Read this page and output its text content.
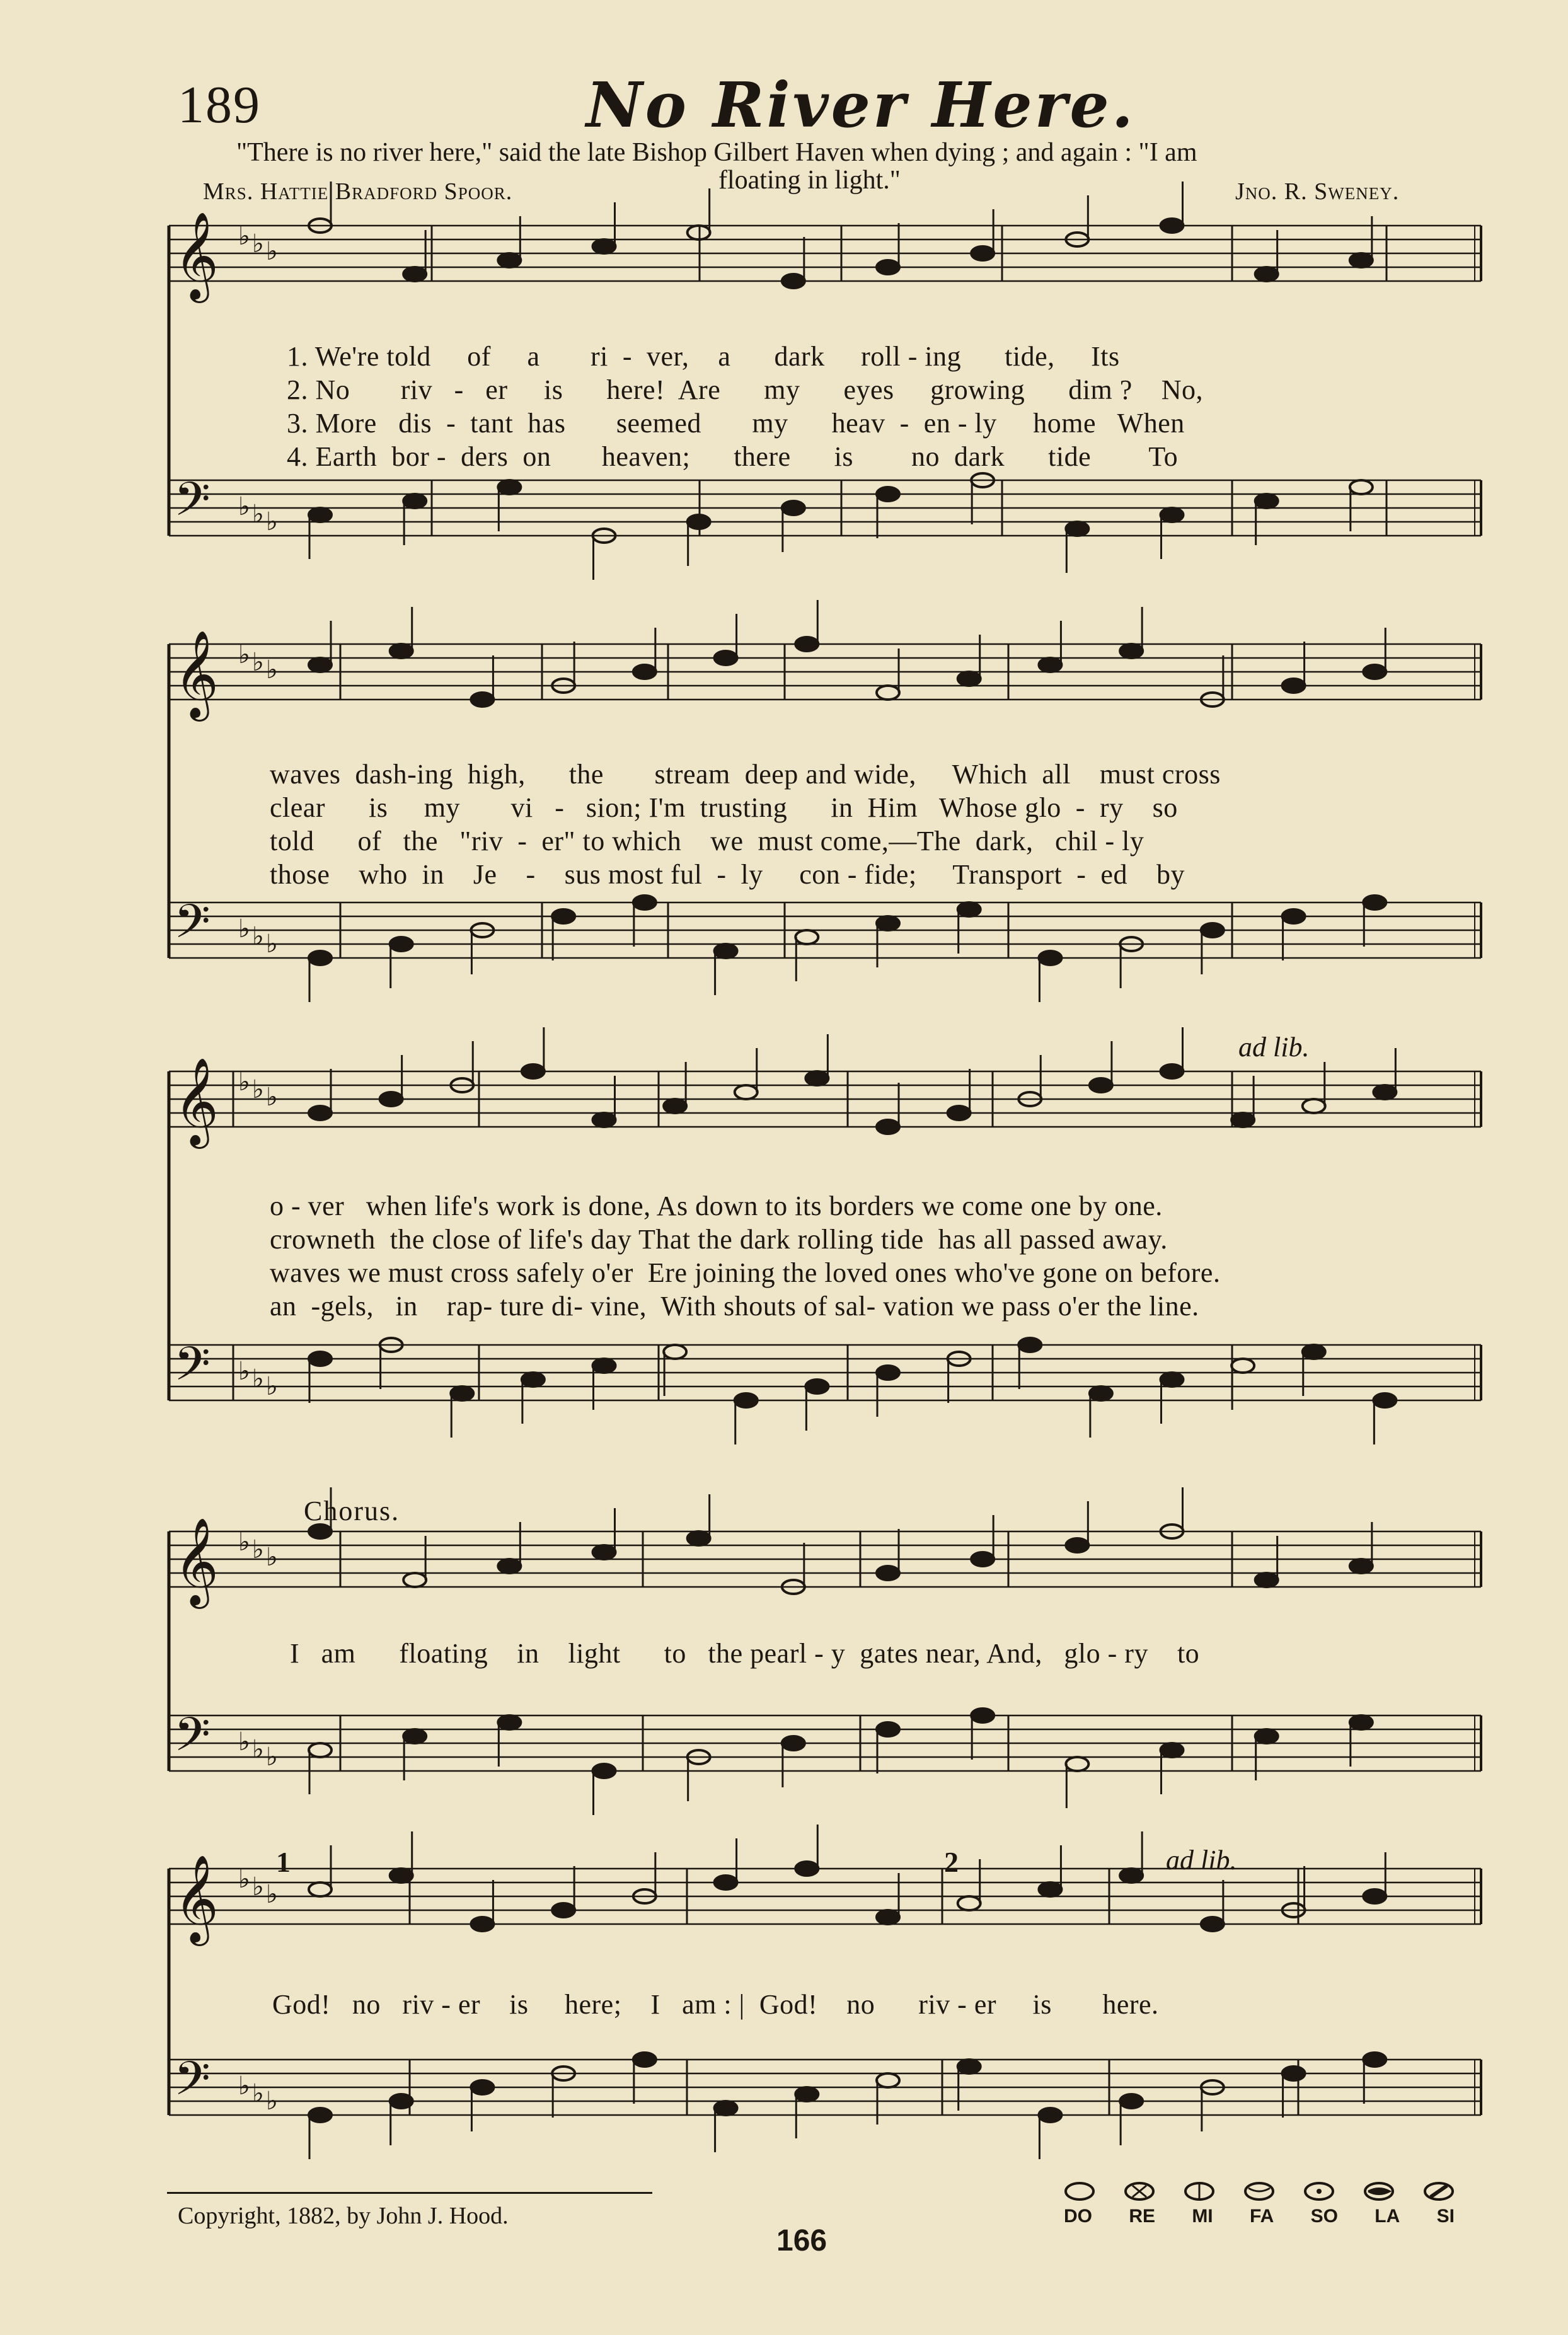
189	No River Here.
"There is no river here," said the late Bishop Gilbert Haven when dying ; and again : "I am
floating in light."
Mrs. Hattie Bradford Spoor.	Jno. R. Sweney.
𝄞 ♭ ♭ ♭
𝄢 ♭ ♭ ♭
𝄞 ♭ ♭ ♭
𝄢 ♭ ♭ ♭
𝄞 ♭ ♭ ♭
𝄢 ♭ ♭ ♭
𝄞 ♭ ♭ ♭
𝄢 ♭ ♭ ♭
𝄞 ♭ ♭ ♭
𝄢 ♭ ♭ ♭
1. We're told     of     a       ri  -  ver,    a      dark     roll - ing      tide,     Its
2. No       riv   -   er     is      here!  Are      my      eyes     growing      dim ?    No,
3. More   dis  -  tant  has       seemed       my      heav  -  en - ly     home   When
4. Earth  bor -  ders  on       heaven;      there      is        no  dark      tide        To
waves  dash-ing  high,      the       stream  deep and wide,     Which  all    must cross
clear      is     my       vi   -   sion; I'm  trusting      in  Him   Whose glo  -  ry    so
told      of   the   "riv  -  er" to which    we  must come,—The  dark,   chil - ly
those    who  in    Je    -    sus most ful  -  ly     con - fide;     Transport  -  ed    by
ad lib.
o - ver   when life's work is done, As down to its borders we come one by one.
crowneth  the close of life's day That the dark rolling tide  has all passed away.
waves we must cross safely o'er  Ere joining the loved ones who've gone on before.
an  -gels,   in    rap- ture di- vine,  With shouts of sal- vation we pass o'er the line.
Chorus.
I   am      floating    in    light      to   the pearl - y  gates near, And,   glo - ry    to
1	2	ad lib.
God!   no   riv - er    is     here;    I   am : |  God!    no      riv - er     is       here.
Copyright, 1882, by John J. Hood.
166
DO RE MI FA SO LA SI
